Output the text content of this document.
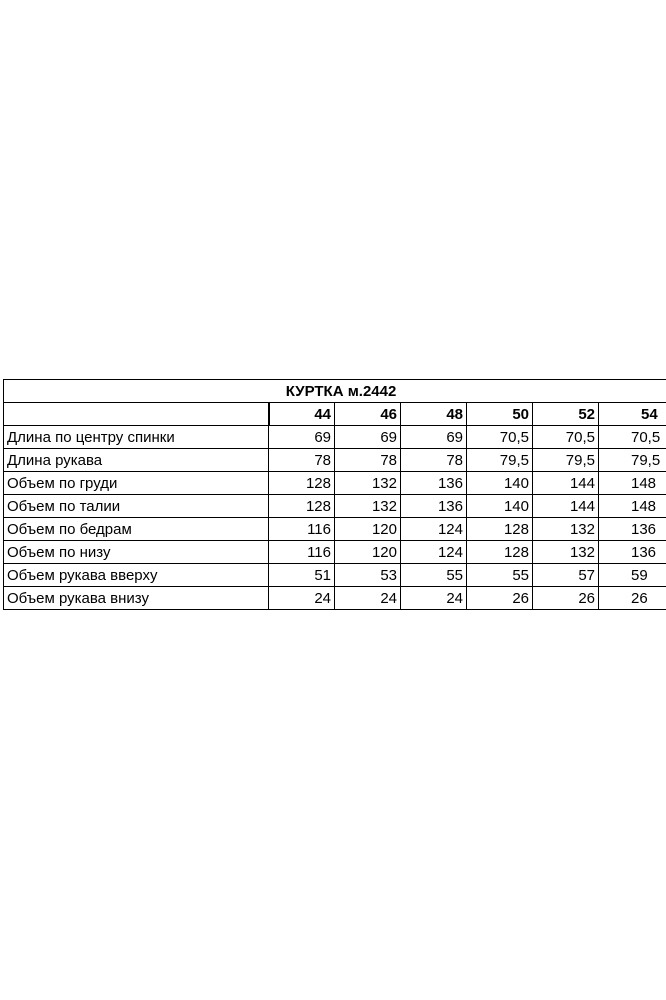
КУРТКА м.2442						
	44	46	48	50	52	54
Длина по центру спинки	69	69	69	70,5	70,5	70,5
Длина рукава	78	78	78	79,5	79,5	79,5
Объем по груди	128	132	136	140	144	148
Объем по талии	128	132	136	140	144	148
Объем по бедрам	116	120	124	128	132	136
Объем по низу	116	120	124	128	132	136
Объем рукава вверху	51	53	55	55	57	59
Объем рукава внизу	24	24	24	26	26	26
